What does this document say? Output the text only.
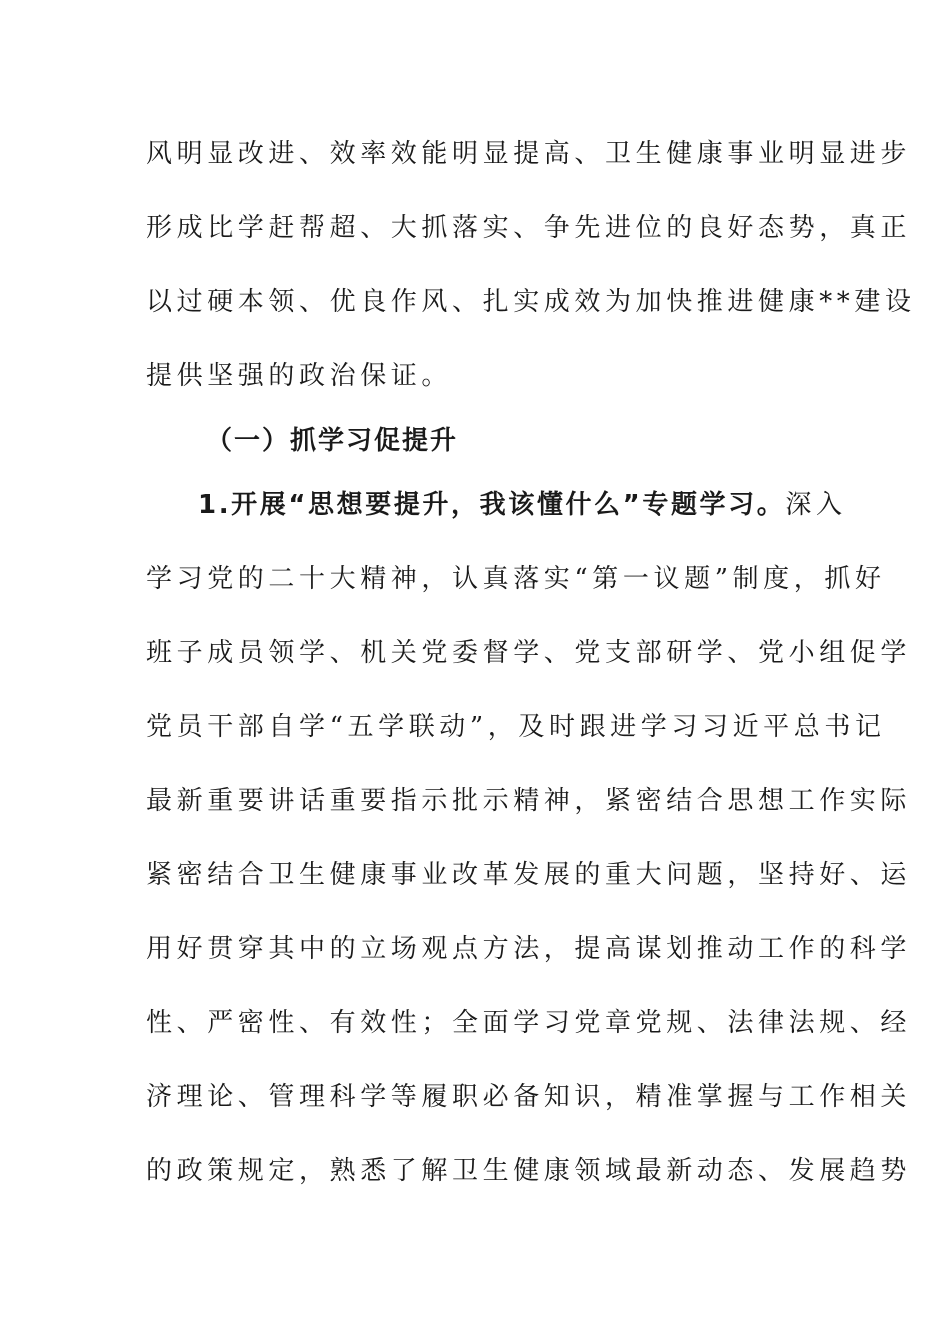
风明显改进、效率效能明显提高、卫生健康事业明显进步
形成比学赶帮超、大抓落实、争先进位的良好态势，真正
以过硬本领、优良作风、扎实成效为加快推进健康**建设
提供坚强的政治保证。
（一）抓学习促提升
1.开展“思想要提升，我该懂什么”专题学习。深入
学习党的二十大精神，认真落实“第一议题”制度，抓好
班子成员领学、机关党委督学、党支部研学、党小组促学
党员干部自学“五学联动”，及时跟进学习习近平总书记
最新重要讲话重要指示批示精神，紧密结合思想工作实际
紧密结合卫生健康事业改革发展的重大问题，坚持好、运
用好贯穿其中的立场观点方法，提高谋划推动工作的科学
性、严密性、有效性；全面学习党章党规、法律法规、经
济理论、管理科学等履职必备知识，精准掌握与工作相关
的政策规定，熟悉了解卫生健康领域最新动态、发展趋势
